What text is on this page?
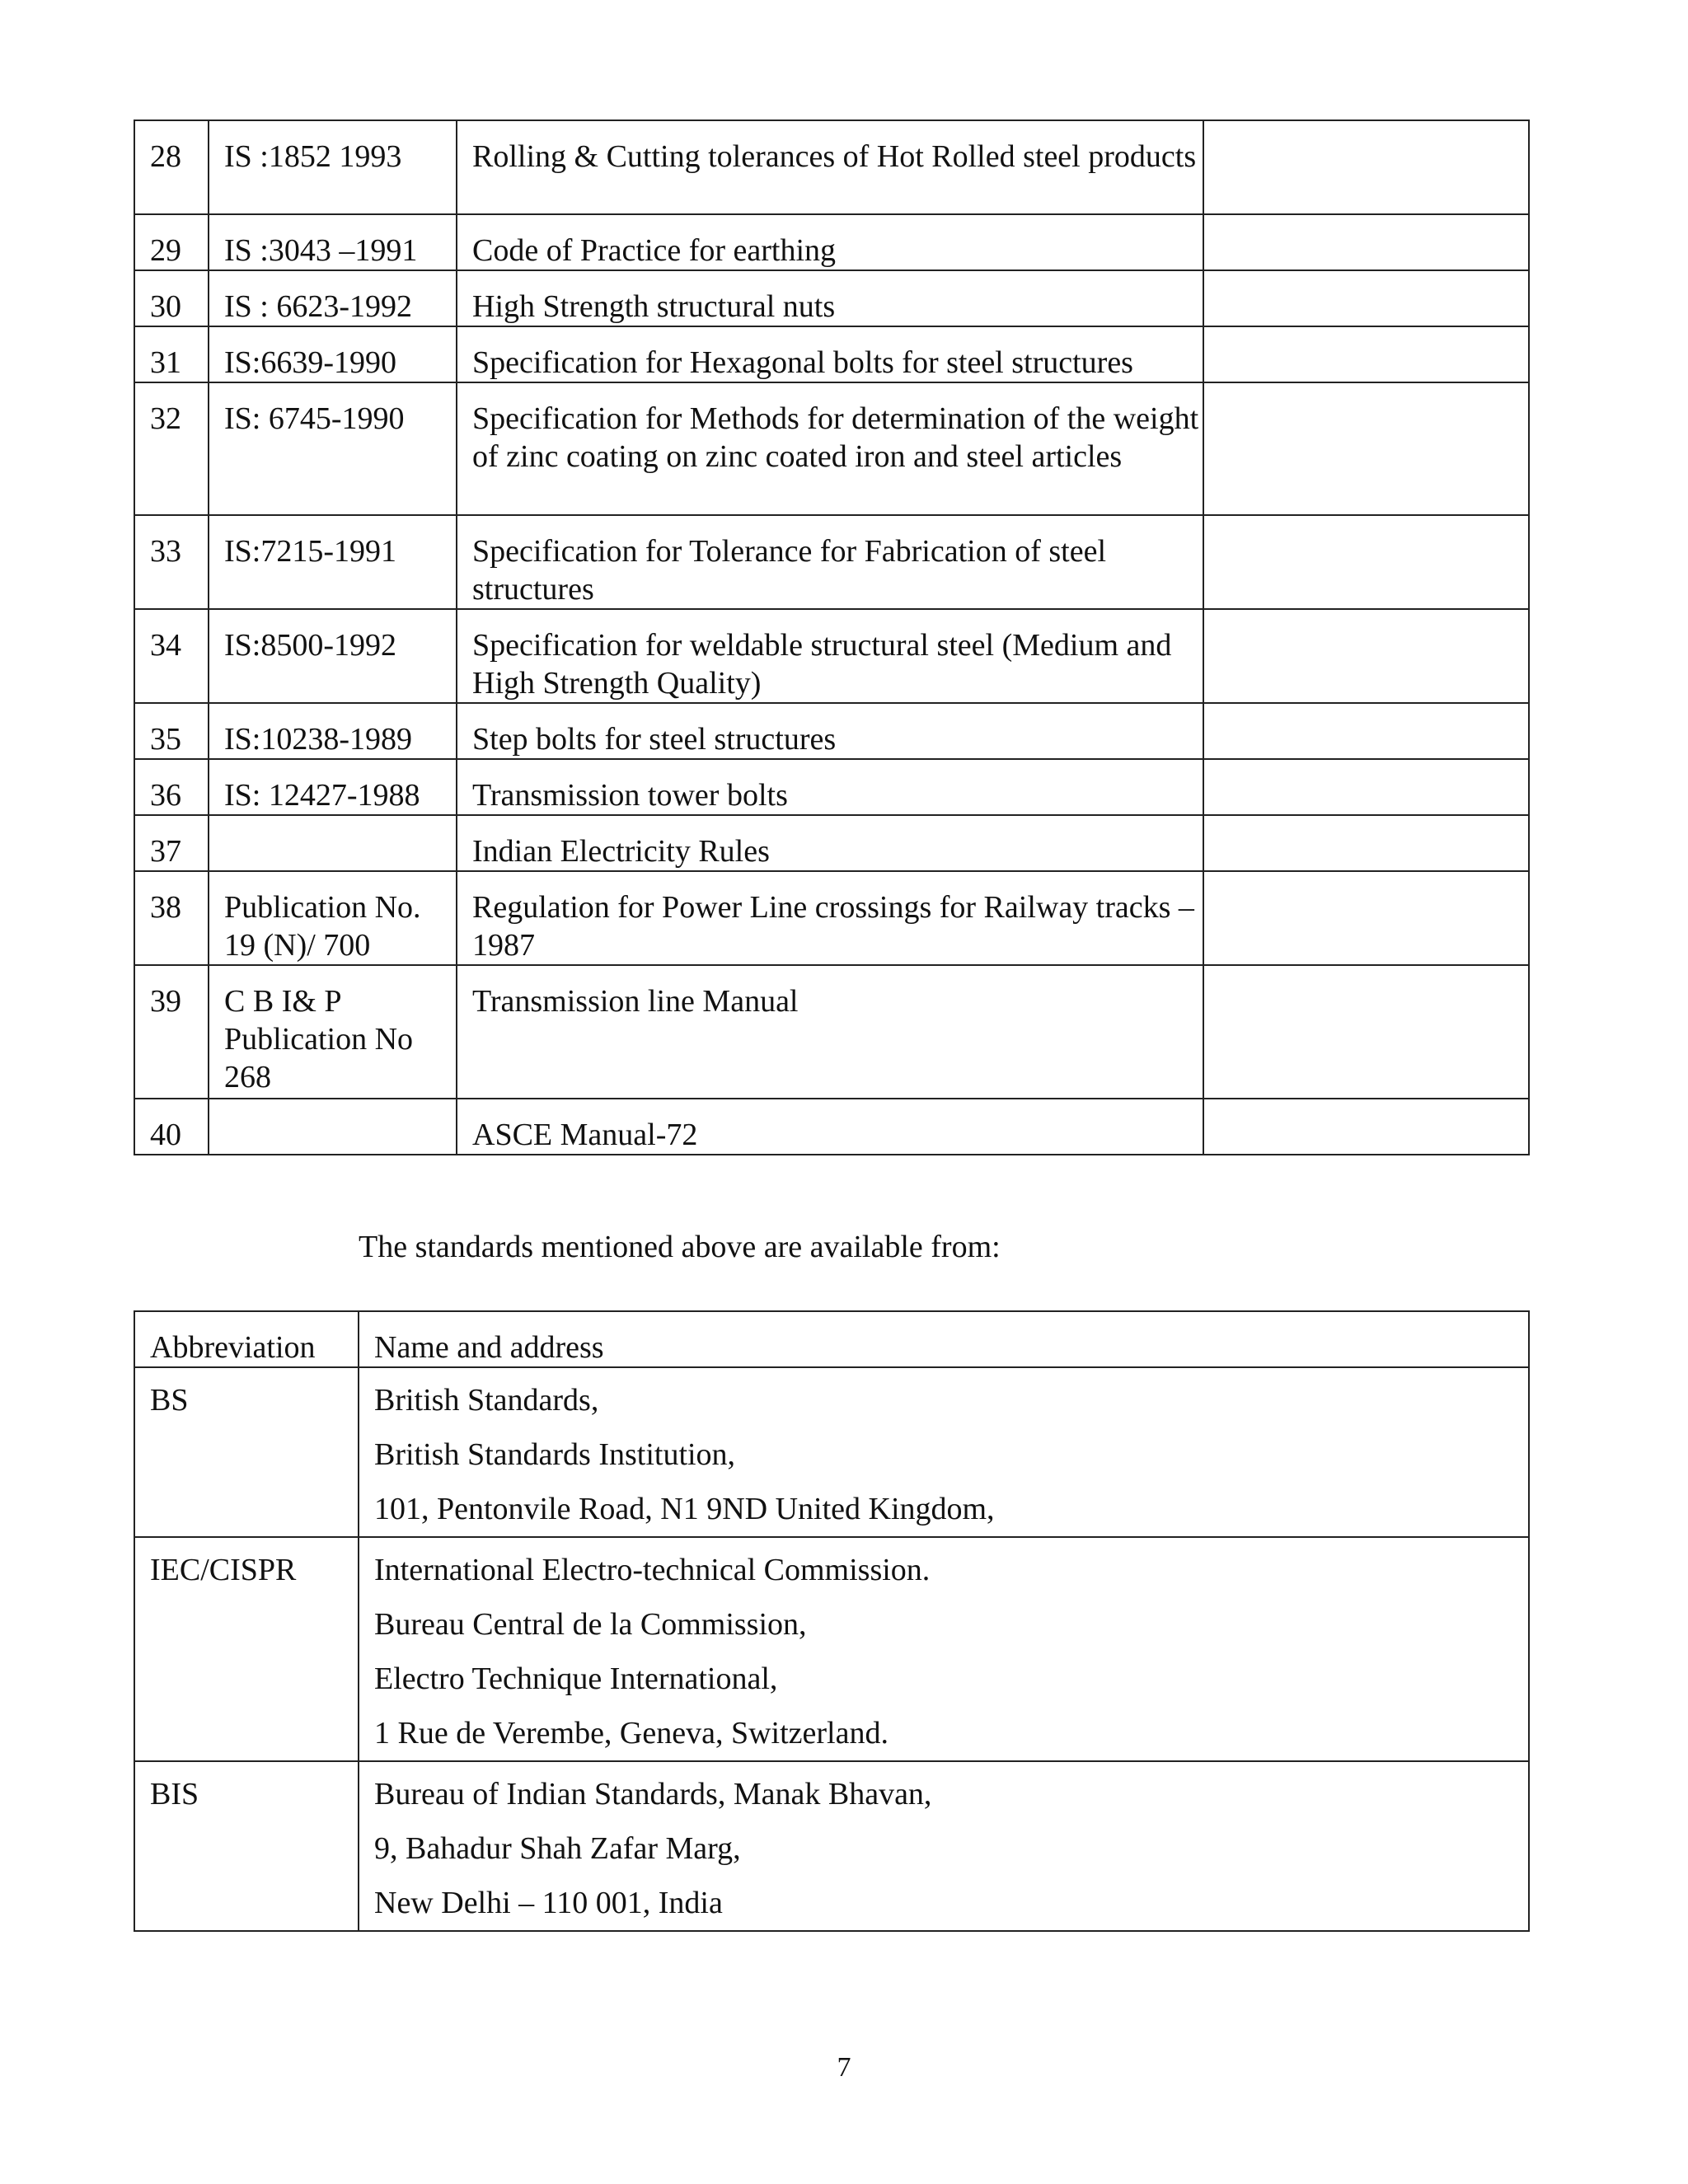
28	IS :1852 1993	Rolling & Cutting tolerances of Hot Rolled steel products	
29	IS :3043 –1991	Code of Practice for earthing	
30	IS : 6623-1992	High Strength structural nuts	
31	IS:6639-1990	Specification for Hexagonal bolts for steel structures	
32	IS: 6745-1990	Specification for Methods for determination of the weight of zinc coating on zinc coated iron and steel articles	
33	IS:7215-1991	Specification for Tolerance for Fabrication of steel structures	
34	IS:8500-1992	Specification for weldable structural steel (Medium and High Strength Quality)	
35	IS:10238-1989	Step bolts for steel structures	
36	IS: 12427-1988	Transmission tower bolts	
37		Indian Electricity Rules	
38	Publication No. 19 (N)/ 700	Regulation for Power Line crossings for Railway tracks – 1987	
39	C B I& P Publication No 268	Transmission line Manual	
40		ASCE Manual-72	

The standards mentioned above are available from:

Abbreviation	Name and address
BS	British Standards,
British Standards Institution,
101, Pentonvile Road, N1 9ND United Kingdom,

IEC/CISPR	International Electro-technical Commission.
Bureau Central de la Commission,
Electro Technique International,
1 Rue de Verembe, Geneva, Switzerland.

BIS	Bureau of Indian Standards, Manak Bhavan,
9, Bahadur Shah Zafar Marg,
New Delhi – 110 001, India

7
